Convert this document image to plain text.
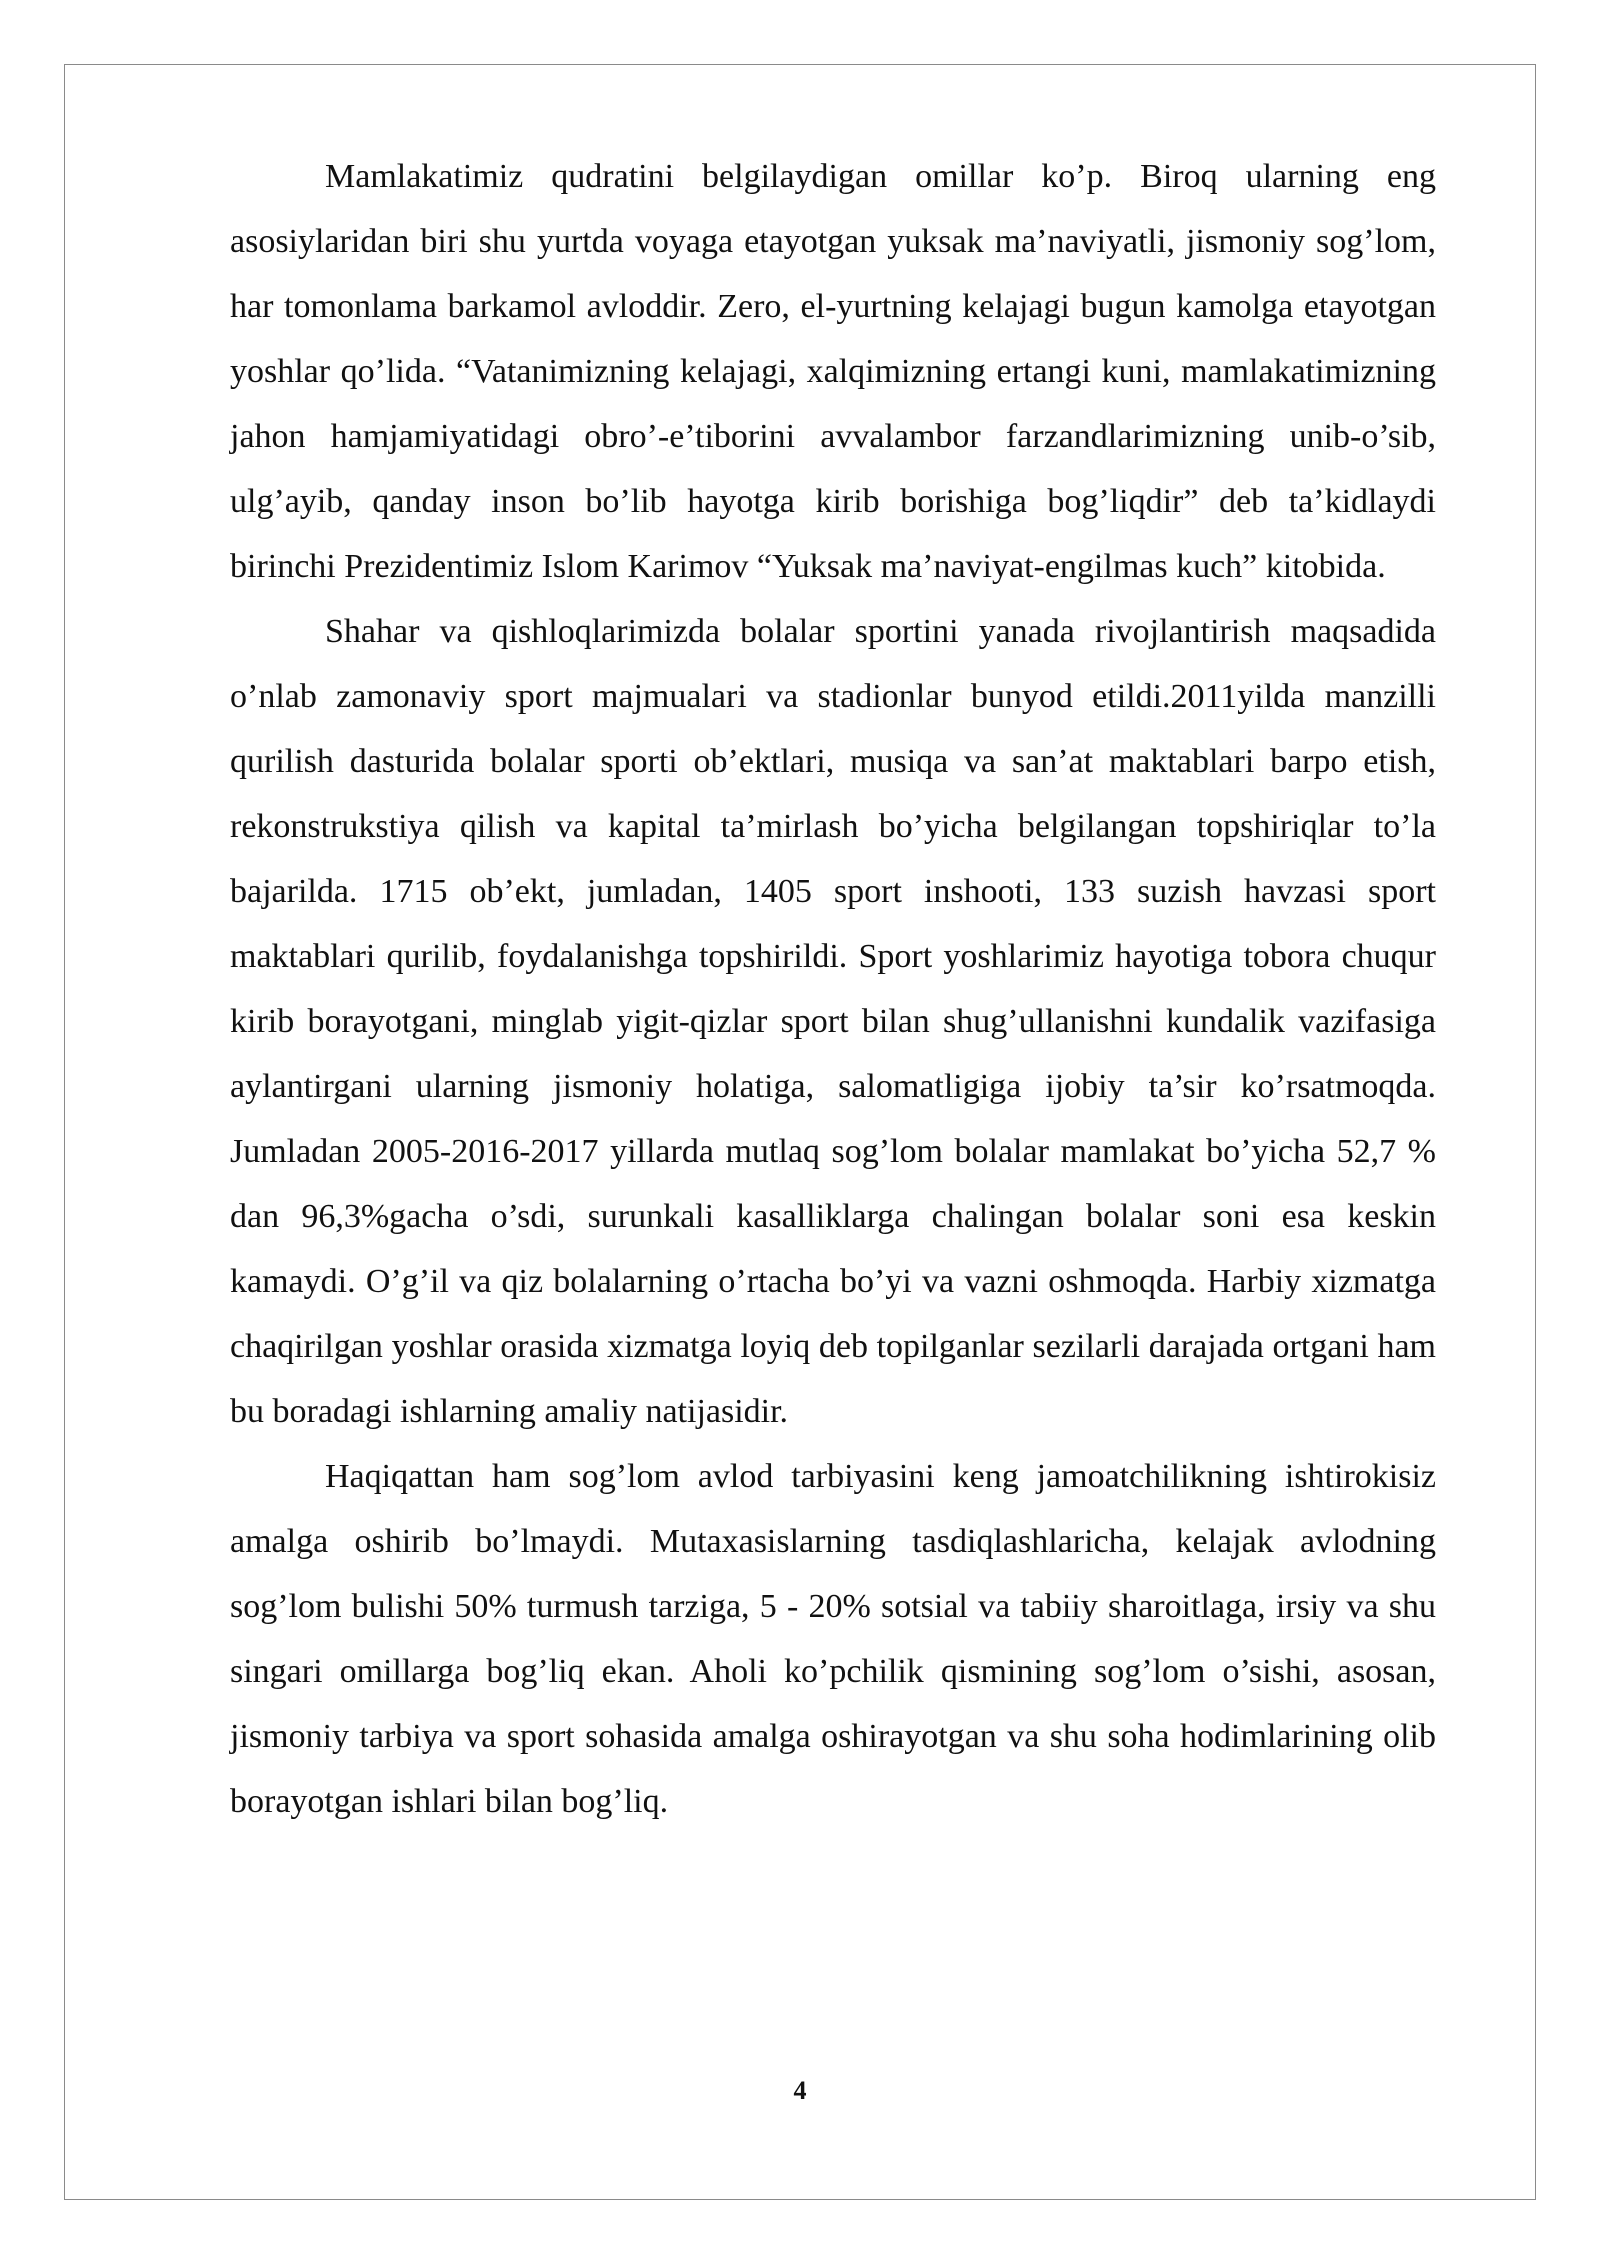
Mamlakatimiz qudratini belgilaydigan omillar ko’p. Biroq ularning eng asosiylaridan biri shu yurtda voyaga etayotgan yuksak ma’naviyatli, jismoniy sog’lom, har tomonlama barkamol avloddir. Zero, el-yurtning kelajagi bugun kamolga etayotgan yoshlar qo’lida. “Vatanimizning kelajagi, xalqimizning ertangi kuni, mamlakatimizning jahon hamjamiyatidagi obro’-e’tiborini avvalambor farzandlarimizning unib-o’sib, ulg’ayib, qanday inson bo’lib hayotga kirib borishiga bog’liqdir” deb ta’kidlaydi birinchi Prezidentimiz Islom Karimov “Yuksak ma’naviyat-engilmas kuch” kitobida.

Shahar va qishloqlarimizda bolalar sportini yanada rivojlantirish maqsadida o’nlab zamonaviy sport majmualari va stadionlar bunyod etildi.2011yilda manzilli qurilish dasturida bolalar sporti ob’ektlari, musiqa va san’at maktablari barpo etish, rekonstrukstiya qilish va kapital ta’mirlash bo’yicha belgilangan topshiriqlar to’la bajarilda. 1715 ob’ekt, jumladan, 1405 sport inshooti, 133 suzish havzasi sport maktablari qurilib, foydalanishga topshirildi. Sport yoshlarimiz hayotiga tobora chuqur kirib borayotgani, minglab yigit-qizlar sport bilan shug’ullanishni kundalik vazifasiga aylantirgani ularning jismoniy holatiga, salomatligiga ijobiy ta’sir ko’rsatmoqda. Jumladan 2005-2016-2017 yillarda mutlaq sog’lom bolalar mamlakat bo’yicha 52,7 % dan 96,3%gacha o’sdi, surunkali kasalliklarga chalingan bolalar soni esa keskin kamaydi. O’g’il va qiz bolalarning o’rtacha bo’yi va vazni oshmoqda. Harbiy xizmatga chaqirilgan yoshlar orasida xizmatga loyiq deb topilganlar sezilarli darajada ortgani ham bu boradagi ishlarning amaliy natijasidir.

Haqiqattan ham sog’lom avlod tarbiyasini keng jamoatchilikning ishtirokisiz amalga oshirib bo’lmaydi. Mutaxasislarning tasdiqlashlaricha, kelajak avlodning sog’lom bulishi 50% turmush tarziga, 5 - 20% sotsial va tabiiy sharoitlaga, irsiy va shu singari omillarga bog’liq ekan. Aholi ko’pchilik qismining sog’lom o’sishi, asosan, jismoniy tarbiya va sport sohasida amalga oshirayotgan va shu soha hodimlarining olib borayotgan ishlari bilan bog’liq.

4
